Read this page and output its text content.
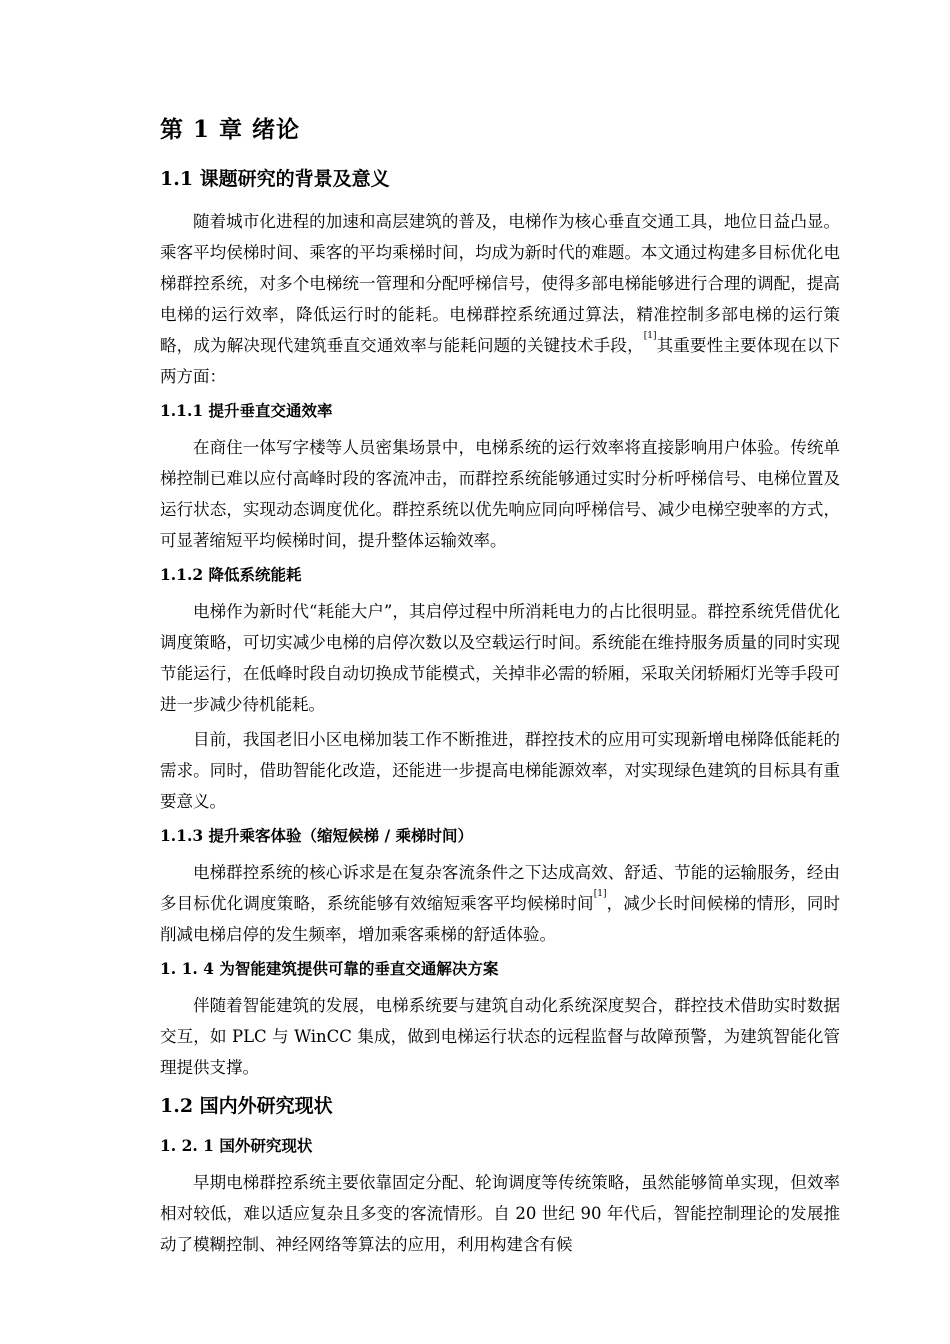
第 1 章 绪论
1.1 课题研究的背景及意义

随着城市化进程的加速和高层建筑的普及，电梯作为核心垂直交通工具，地位日益凸显。乘客平均侯梯时间、乘客的平均乘梯时间，均成为新时代的难题。本文通过构建多目标优化电梯群控系统，对多个电梯统一管理和分配呼梯信号，使得多部电梯能够进行合理的调配，提高电梯的运行效率，降低运行时的能耗。电梯群控系统通过算法，精准控制多部电梯的运行策略，成为解决现代建筑垂直交通效率与能耗问题的关键技术手段，[1]其重要性主要体现在以下两方面：

1.1.1 提升垂直交通效率

在商住一体写字楼等人员密集场景中，电梯系统的运行效率将直接影响用户体验。传统单梯控制已难以应付高峰时段的客流冲击，而群控系统能够通过实时分析呼梯信号、电梯位置及运行状态，实现动态调度优化。群控系统以优先响应同向呼梯信号、减少电梯空驶率的方式，可显著缩短平均候梯时间，提升整体运输效率。

1.1.2 降低系统能耗

电梯作为新时代“耗能大户”，其启停过程中所消耗电力的占比很明显。群控系统凭借优化调度策略，可切实减少电梯的启停次数以及空载运行时间。系统能在维持服务质量的同时实现节能运行，在低峰时段自动切换成节能模式，关掉非必需的轿厢，采取关闭轿厢灯光等手段可进一步减少待机能耗。

目前，我国老旧小区电梯加装工作不断推进，群控技术的应用可实现新增电梯降低能耗的需求。同时，借助智能化改造，还能进一步提高电梯能源效率，对实现绿色建筑的目标具有重要意义。

1.1.3 提升乘客体验（缩短候梯 / 乘梯时间）

电梯群控系统的核心诉求是在复杂客流条件之下达成高效、舒适、节能的运输服务，经由多目标优化调度策略，系统能够有效缩短乘客平均候梯时间[1]，减少长时间候梯的情形，同时削减电梯启停的发生频率，增加乘客乘梯的舒适体验。

1. 1. 4 为智能建筑提供可靠的垂直交通解决方案

伴随着智能建筑的发展，电梯系统要与建筑自动化系统深度契合，群控技术借助实时数据交互，如 PLC 与 WinCC 集成，做到电梯运行状态的远程监督与故障预警，为建筑智能化管理提供支撑。

1.2 国内外研究现状
1. 2. 1 国外研究现状

早期电梯群控系统主要依靠固定分配、轮询调度等传统策略，虽然能够简单实现，但效率相对较低，难以适应复杂且多变的客流情形。自 20 世纪 90 年代后，智能控制理论的发展推动了模糊控制、神经网络等算法的应用，利用构建含有候
